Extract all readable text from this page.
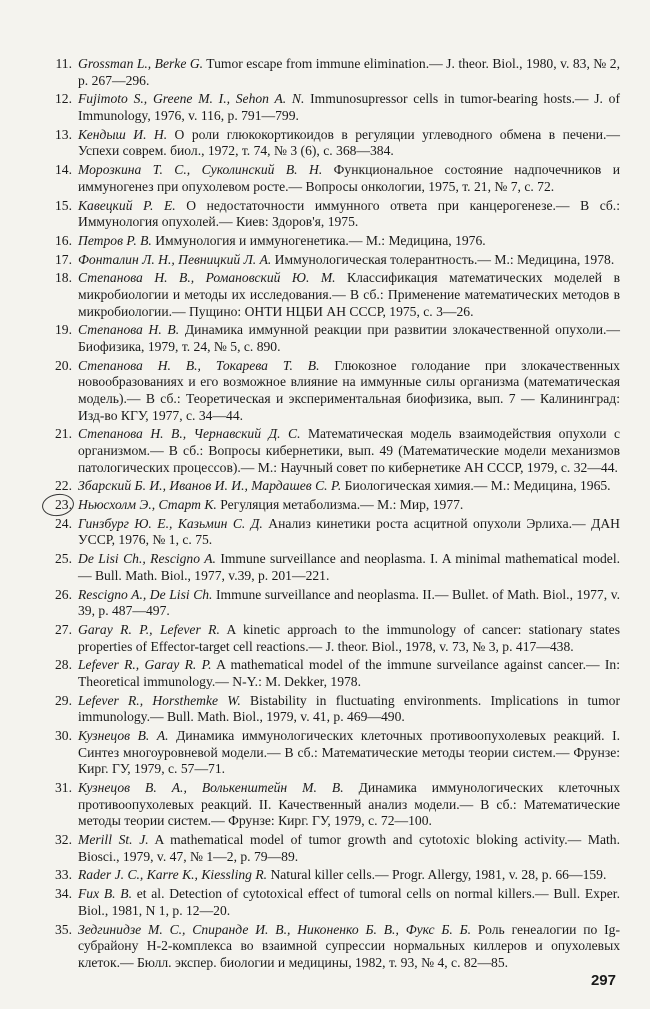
11. Grossman L., Berke G. Tumor escape from immune elimination.— J. theor. Biol., 1980, v. 83, № 2, p. 267—296.
12. Fujimoto S., Greene M. I., Sehon A. N. Immunosupressor cells in tumor-bearing hosts.— J. of Immunology, 1976, v. 116, p. 791—799.
13. Кендыш И. Н. О роли глюкокортикоидов в регуляции углеводного обмена в печени.— Успехи соврем. биол., 1972, т. 74, № 3 (6), с. 368—384.
14. Морозкина Т. С., Суколинский В. Н. Функциональное состояние надпочечников и иммуногенез при опухолевом росте.— Вопросы онкологии, 1975, т. 21, № 7, с. 72.
15. Кавецкий Р. Е. О недостаточности иммунного ответа при канцерогенезе.— В сб.: Иммунология опухолей.— Киев: Здоров'я, 1975.
16. Петров Р. В. Иммунология и иммуногенетика.— М.: Медицина, 1976.
17. Фонталин Л. Н., Певницкий Л. А. Иммунологическая толерантность.— М.: Медицина, 1978.
18. Степанова Н. В., Романовский Ю. М. Классификация математических моделей в микробиологии и методы их исследования.— В сб.: Применение математических методов в микробиологии.— Пущино: ОНТИ НЦБИ АН СССР, 1975, с. 3—26.
19. Степанова Н. В. Динамика иммунной реакции при развитии злокачественной опухоли.— Биофизика, 1979, т. 24, № 5, с. 890.
20. Степанова Н. В., Токарева Т. В. Глюкозное голодание при злокачественных новообразованиях и его возможное влияние на иммунные силы организма (математическая модель).— В сб.: Теоретическая и экспериментальная биофизика, вып. 7 — Калининград: Изд-во КГУ, 1977, с. 34—44.
21. Степанова Н. В., Чернавский Д. С. Математическая модель взаимодействия опухоли с организмом.— В сб.: Вопросы кибернетики, вып. 49 (Математические модели механизмов патологических процессов).— М.: Научный совет по кибернетике АН СССР, 1979, с. 32—44.
22. Збарский Б. И., Иванов И. И., Мардашев С. Р. Биологическая химия.— М.: Медицина, 1965.
23. Ньюсхолм Э., Старт К. Регуляция метаболизма.— М.: Мир, 1977.
24. Гинзбург Ю. Е., Казьмин С. Д. Анализ кинетики роста асцитной опухоли Эрлиха.— ДАН УССР, 1976, № 1, с. 75.
25. De Lisi Ch., Rescigno A. Immune surveillance and neoplasma. I. A minimal mathematical model.— Bull. Math. Biol., 1977, v.39, p. 201—221.
26. Rescigno A., De Lisi Ch. Immune surveillance and neoplasma. II.— Bullet. of Math. Biol., 1977, v. 39, p. 487—497.
27. Garay R. P., Lefever R. A kinetic approach to the immunology of cancer: stationary states properties of Effector-target cell reactions.— J. theor. Biol., 1978, v. 73, № 3, p. 417—438.
28. Lefever R., Garay R. P. A mathematical model of the immune surveilance against cancer.— In: Theoretical immunology.— N-Y.: M. Dekker, 1978.
29. Lefever R., Horsthemke W. Bistability in fluctuating environments. Implications in tumor immunology.— Bull. Math. Biol., 1979, v. 41, p. 469—490.
30. Кузнецов В. А. Динамика иммунологических клеточных противоопухолевых реакций. I. Синтез многоуровневой модели.— В сб.: Математические методы теории систем.— Фрунзе: Кирг. ГУ, 1979, с. 57—71.
31. Кузнецов В. А., Волькенштейн М. В. Динамика иммунологических клеточных противоопухолевых реакций. II. Качественный анализ модели.— В сб.: Математические методы теории систем.— Фрунзе: Кирг. ГУ, 1979, с. 72—100.
32. Merill St. J. A mathematical model of tumor growth and cytotoxic bloking activity.— Math. Biosci., 1979, v. 47, № 1—2, p. 79—89.
33. Rader J. C., Karre K., Kiessling R. Natural killer cells.— Progr. Allergy, 1981, v. 28, p. 66—159.
34. Fux B. B. et al. Detection of cytotoxical effect of tumoral cells on normal killers.— Bull. Exper. Biol., 1981, N 1, p. 12—20.
35. Зедгинидзе М. С., Спиранде И. В., Никоненко Б. В., Фукс Б. Б. Роль генеалогии по Ig-субрайону Н-2-комплекса во взаимной супрессии нормальных киллеров и опухолевых клеток.— Бюлл. экспер. биологии и медицины, 1982, т. 93, № 4, с. 82—85.
297
